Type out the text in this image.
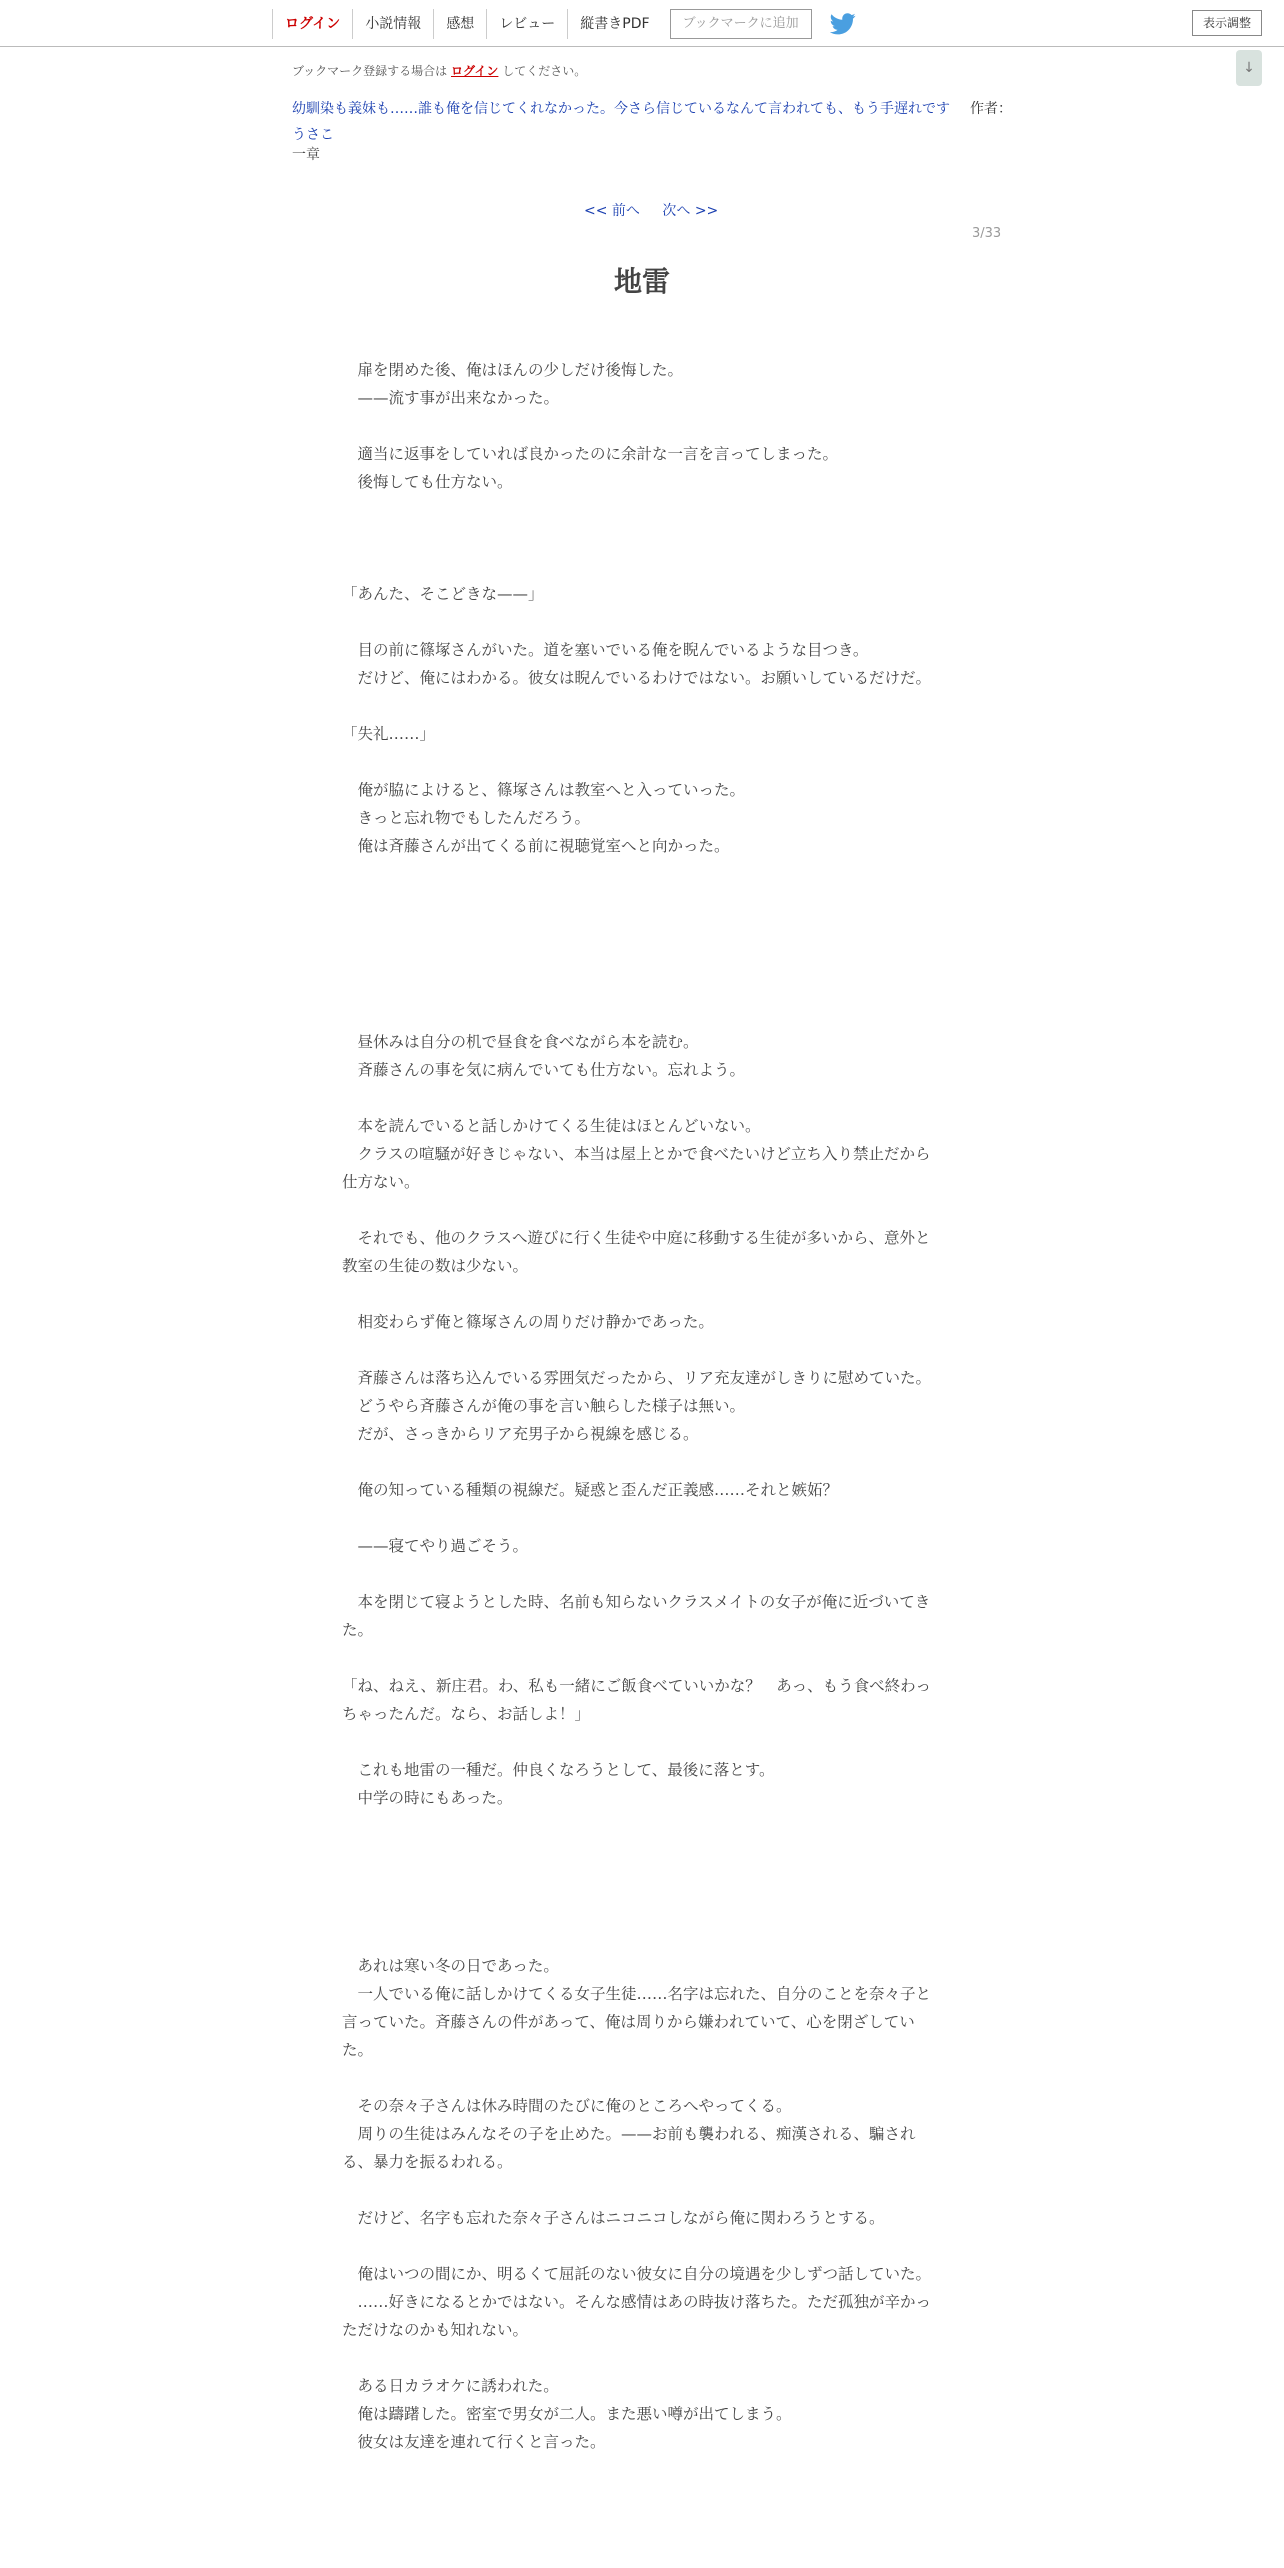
ログイン	小説情報	感想	レビュー	縦書きPDF	ブックマークに追加	表示調整
↓
ブックマーク登録する場合は ログイン してください。
幼馴染も義妹も……誰も俺を信じてくれなかった。今さら信じているなんて言われても、もう手遅れです 作者：うさこ
一章
<< 前へ 次へ >>
3/33
地雷

　扉を閉めた後、俺はほんの少しだけ後悔した。

　——流す事が出来なかった。

　適当に返事をしていれば良かったのに余計な一言を言ってしまった。

　後悔しても仕方ない。

「あんた、そこどきな——」

　目の前に篠塚さんがいた。道を塞いでいる俺を睨んでいるような目つき。

　だけど、俺にはわかる。彼女は睨んでいるわけではない。お願いしているだけだ。

「失礼……」

　俺が脇によけると、篠塚さんは教室へと入っていった。

　きっと忘れ物でもしたんだろう。

　俺は斉藤さんが出てくる前に視聴覚室へと向かった。

　昼休みは自分の机で昼食を食べながら本を読む。

　斉藤さんの事を気に病んでいても仕方ない。忘れよう。

　本を読んでいると話しかけてくる生徒はほとんどいない。

　クラスの喧騒が好きじゃない、本当は屋上とかで食べたいけど立ち入り禁止だから仕方ない。

　それでも、他のクラスへ遊びに行く生徒や中庭に移動する生徒が多いから、意外と教室の生徒の数は少ない。

　相変わらず俺と篠塚さんの周りだけ静かであった。

　斉藤さんは落ち込んでいる雰囲気だったから、リア充友達がしきりに慰めていた。

　どうやら斉藤さんが俺の事を言い触らした様子は無い。

　だが、さっきからリア充男子から視線を感じる。

　俺の知っている種類の視線だ。疑惑と歪んだ正義感……それと嫉妬？

　——寝てやり過ごそう。

　本を閉じて寝ようとした時、名前も知らないクラスメイトの女子が俺に近づいてきた。

「ね、ねえ、新庄君。わ、私も一緒にご飯食べていいかな？　あっ、もう食べ終わっちゃったんだ。なら、お話しよ！」

　これも地雷の一種だ。仲良くなろうとして、最後に落とす。

　中学の時にもあった。

　あれは寒い冬の日であった。

　一人でいる俺に話しかけてくる女子生徒……名字は忘れた、自分のことを奈々子と言っていた。斉藤さんの件があって、俺は周りから嫌われていて、心を閉ざしていた。

　その奈々子さんは休み時間のたびに俺のところへやってくる。

　周りの生徒はみんなその子を止めた。——お前も襲われる、痴漢される、騙される、暴力を振るわれる。

　だけど、名字も忘れた奈々子さんはニコニコしながら俺に関わろうとする。

　俺はいつの間にか、明るくて屈託のない彼女に自分の境遇を少しずつ話していた。

　……好きになるとかではない。そんな感情はあの時抜け落ちた。ただ孤独が辛かっただけなのかも知れない。

　ある日カラオケに誘われた。

　俺は躊躇した。密室で男女が二人。また悪い噂が出てしまう。

　彼女は友達を連れて行くと言った。
